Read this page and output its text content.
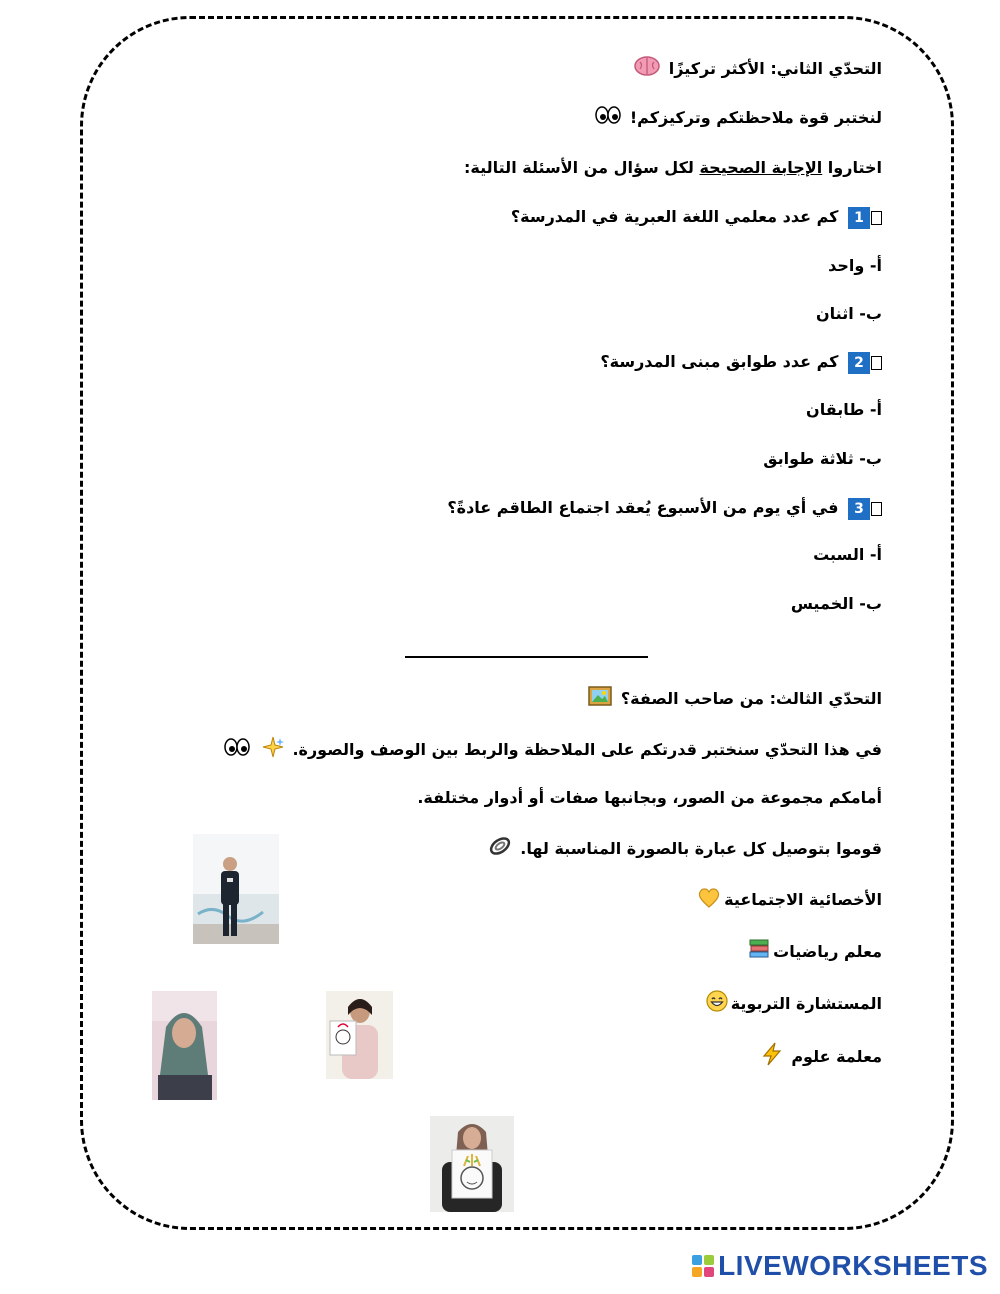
التحدّي الثاني: الأكثر تركيزًا
لنختبر قوة ملاحظتكم وتركيزكم!
اختاروا الإجابة الصحيحة لكل سؤال من الأسئلة التالية:
1 كم عدد معلمي اللغة العبرية في المدرسة؟
أ- واحد
ب- اثنان
2 كم عدد طوابق مبنى المدرسة؟
أ- طابقان
ب- ثلاثة طوابق
3 في أي يوم من الأسبوع يُعقد اجتماع الطاقم عادةً؟
أ- السبت
ب- الخميس
التحدّي الثالث: من صاحب الصفة؟
في هذا التحدّي سنختبر قدرتكم على الملاحظة والربط بين الوصف والصورة.
أمامكم مجموعة من الصور، وبجانبها صفات أو أدوار مختلفة.
قوموا بتوصيل كل عبارة بالصورة المناسبة لها.
الأخصائية الاجتماعية
معلم رياضيات
المستشارة التربوية
معلمة علوم
LIVEWORKSHEETS
